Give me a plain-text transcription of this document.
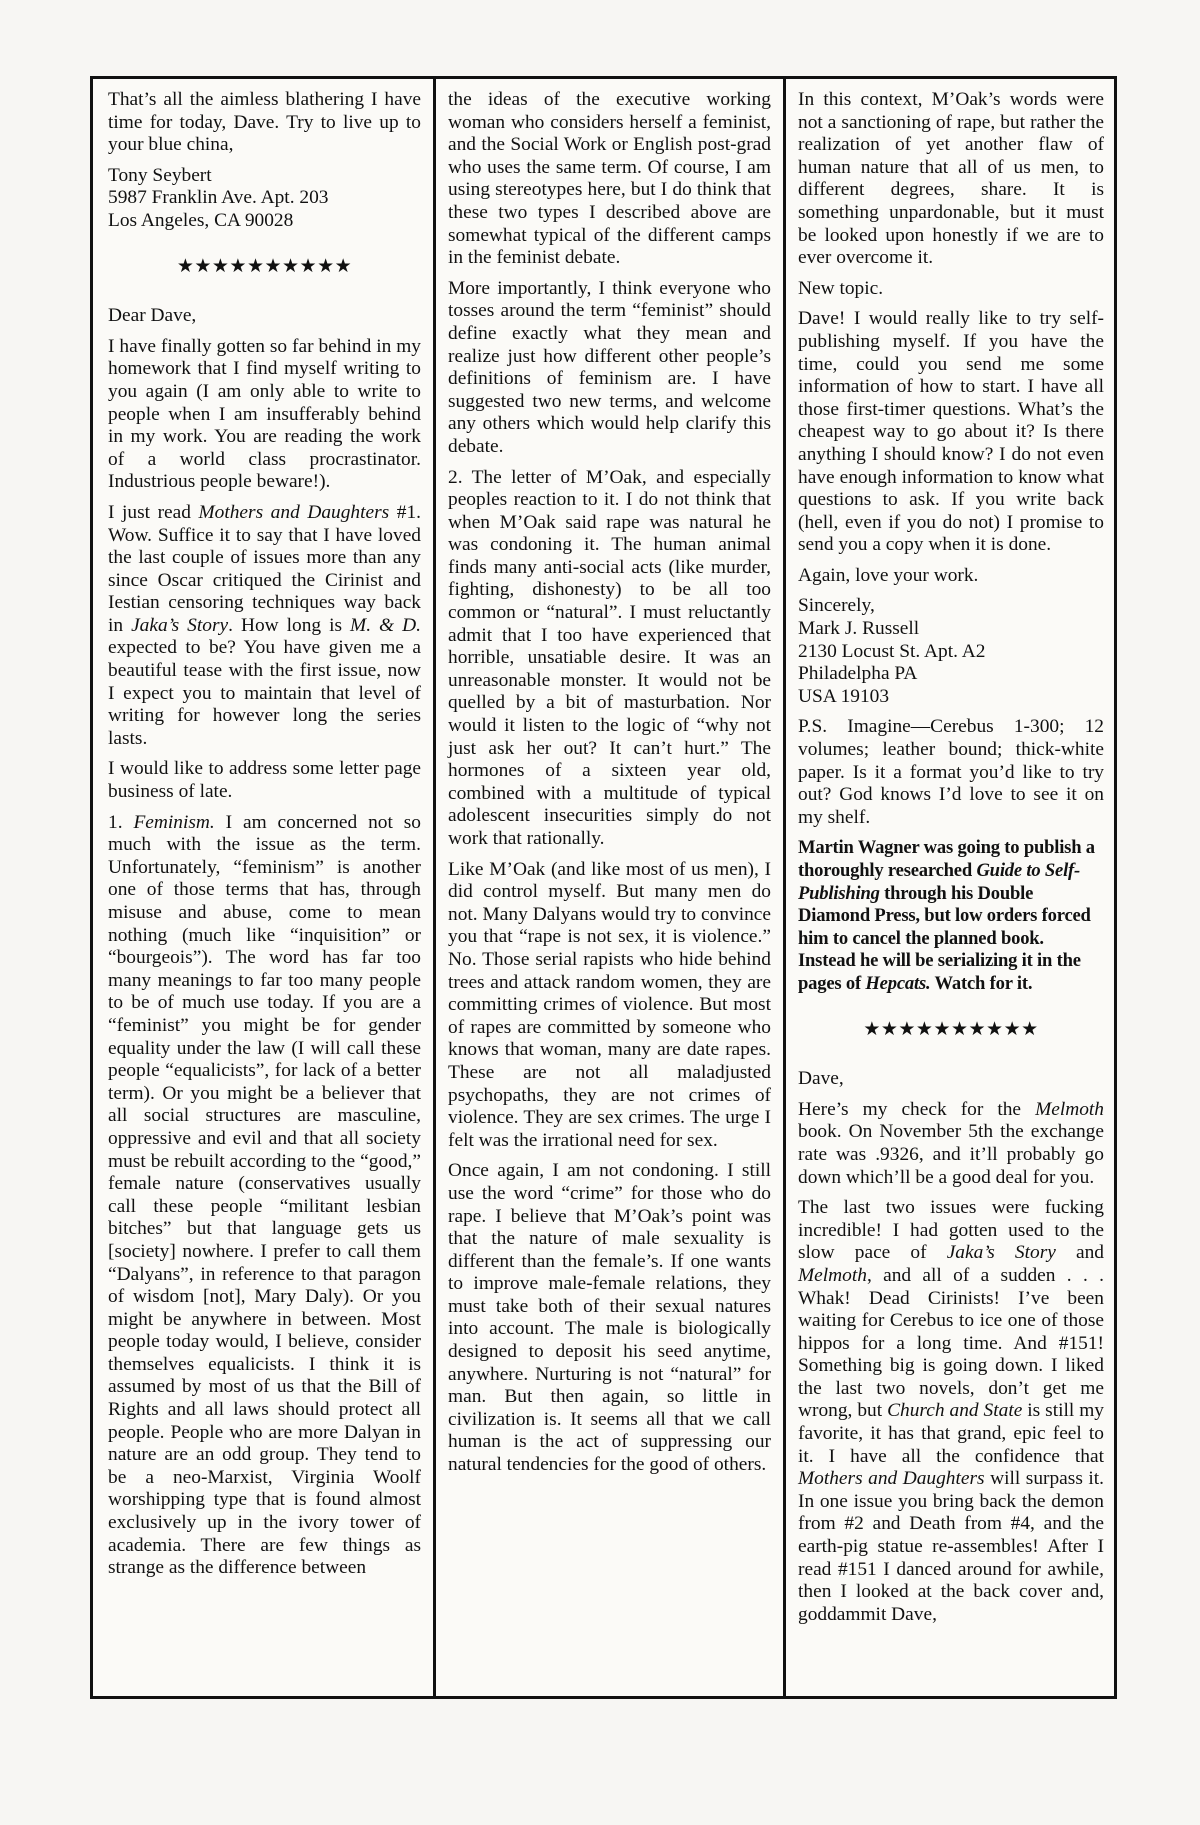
That’s all the aimless blathering I have time for today, Dave. Try to live up to your blue china,

Tony Seybert
5987 Franklin Ave. Apt. 203
Los Angeles, CA 90028
★★★★★★★★★★

Dear Dave,

I have finally gotten so far behind in my homework that I find myself writing to you again (I am only able to write to people when I am insufferably behind in my work. You are reading the work of a world class procrastinator. Industrious people beware!).

I just read Mothers and Daughters #1. Wow. Suffice it to say that I have loved the last couple of issues more than any since Oscar critiqued the Cirinist and Iestian censoring techniques way back in Jaka’s Story. How long is M. & D. expected to be? You have given me a beautiful tease with the first issue, now I expect you to maintain that level of writing for however long the series lasts.

I would like to address some letter page business of late.

1. Feminism. I am concerned not so much with the issue as the term. Unfortunately, “feminism” is another one of those terms that has, through misuse and abuse, come to mean nothing (much like “inquisition” or “bourgeois”). The word has far too many meanings to far too many people to be of much use today. If you are a “feminist” you might be for gender equality under the law (I will call these people “equalicists”, for lack of a better term). Or you might be a believer that all social structures are masculine, oppressive and evil and that all society must be rebuilt according to the “good,” female nature (conservatives usually call these people “militant lesbian bitches” but that language gets us [society] nowhere. I prefer to call them “Dalyans”, in reference to that paragon of wisdom [not], Mary Daly). Or you might be anywhere in between. Most people today would, I believe, consider themselves equalicists. I think it is assumed by most of us that the Bill of Rights and all laws should protect all people. People who are more Dalyan in nature are an odd group. They tend to be a neo-Marxist, Virginia Woolf worshipping type that is found almost exclusively up in the ivory tower of academia. There are few things as strange as the difference between

the ideas of the executive working woman who considers herself a feminist, and the Social Work or English post-grad who uses the same term. Of course, I am using stereotypes here, but I do think that these two types I described above are somewhat typical of the different camps in the feminist debate.

More importantly, I think everyone who tosses around the term “feminist” should define exactly what they mean and realize just how different other people’s definitions of feminism are. I have suggested two new terms, and welcome any others which would help clarify this debate.

2. The letter of M’Oak, and especially peoples reaction to it. I do not think that when M’Oak said rape was natural he was condoning it. The human animal finds many anti-social acts (like murder, fighting, dishonesty) to be all too common or “natural”. I must reluctantly admit that I too have experienced that horrible, unsatiable desire. It was an unreasonable monster. It would not be quelled by a bit of masturbation. Nor would it listen to the logic of “why not just ask her out? It can’t hurt.” The hormones of a sixteen year old, combined with a multitude of typical adolescent insecurities simply do not work that rationally.

Like M’Oak (and like most of us men), I did control myself. But many men do not. Many Dalyans would try to convince you that “rape is not sex, it is violence.” No. Those serial rapists who hide behind trees and attack random women, they are committing crimes of violence. But most of rapes are committed by someone who knows that woman, many are date rapes. These are not all maladjusted psychopaths, they are not crimes of violence. They are sex crimes. The urge I felt was the irrational need for sex.

Once again, I am not condoning. I still use the word “crime” for those who do rape. I believe that M’Oak’s point was that the nature of male sexuality is different than the female’s. If one wants to improve male-female relations, they must take both of their sexual natures into account. The male is biologically designed to deposit his seed anytime, anywhere. Nurturing is not “natural” for man. But then again, so little in civilization is. It seems all that we call human is the act of suppressing our natural tendencies for the good of others.

In this context, M’Oak’s words were not a sanctioning of rape, but rather the realization of yet another flaw of human nature that all of us men, to different degrees, share. It is something unpardonable, but it must be looked upon honestly if we are to ever overcome it.

New topic.

Dave! I would really like to try self-publishing myself. If you have the time, could you send me some information of how to start. I have all those first-timer questions. What’s the cheapest way to go about it? Is there anything I should know? I do not even have enough information to know what questions to ask. If you write back (hell, even if you do not) I promise to send you a copy when it is done.

Again, love your work.

Sincerely,
Mark J. Russell
2130 Locust St. Apt. A2
Philadelpha PA
USA 19103

P.S. Imagine—Cerebus 1-300; 12 volumes; leather bound; thick-white paper. Is it a format you’d like to try out? God knows I’d love to see it on my shelf.

Martin Wagner was going to publish a thoroughly researched Guide to Self-Publishing through his Double Diamond Press, but low orders forced him to cancel the planned book. Instead he will be serializing it in the pages of Hepcats. Watch for it.

★★★★★★★★★★

Dave,

Here’s my check for the Melmoth book. On November 5th the exchange rate was .9326, and it’ll probably go down which’ll be a good deal for you.

The last two issues were fucking incredible! I had gotten used to the slow pace of Jaka’s Story and Melmoth, and all of a sudden . . . Whak! Dead Cirinists! I’ve been waiting for Cerebus to ice one of those hippos for a long time. And #151! Something big is going down. I liked the last two novels, don’t get me wrong, but Church and State is still my favorite, it has that grand, epic feel to it. I have all the confidence that Mothers and Daughters will surpass it. In one issue you bring back the demon from #2 and Death from #4, and the earth-pig statue re-assembles! After I read #151 I danced around for awhile, then I looked at the back cover and, goddammit Dave,
